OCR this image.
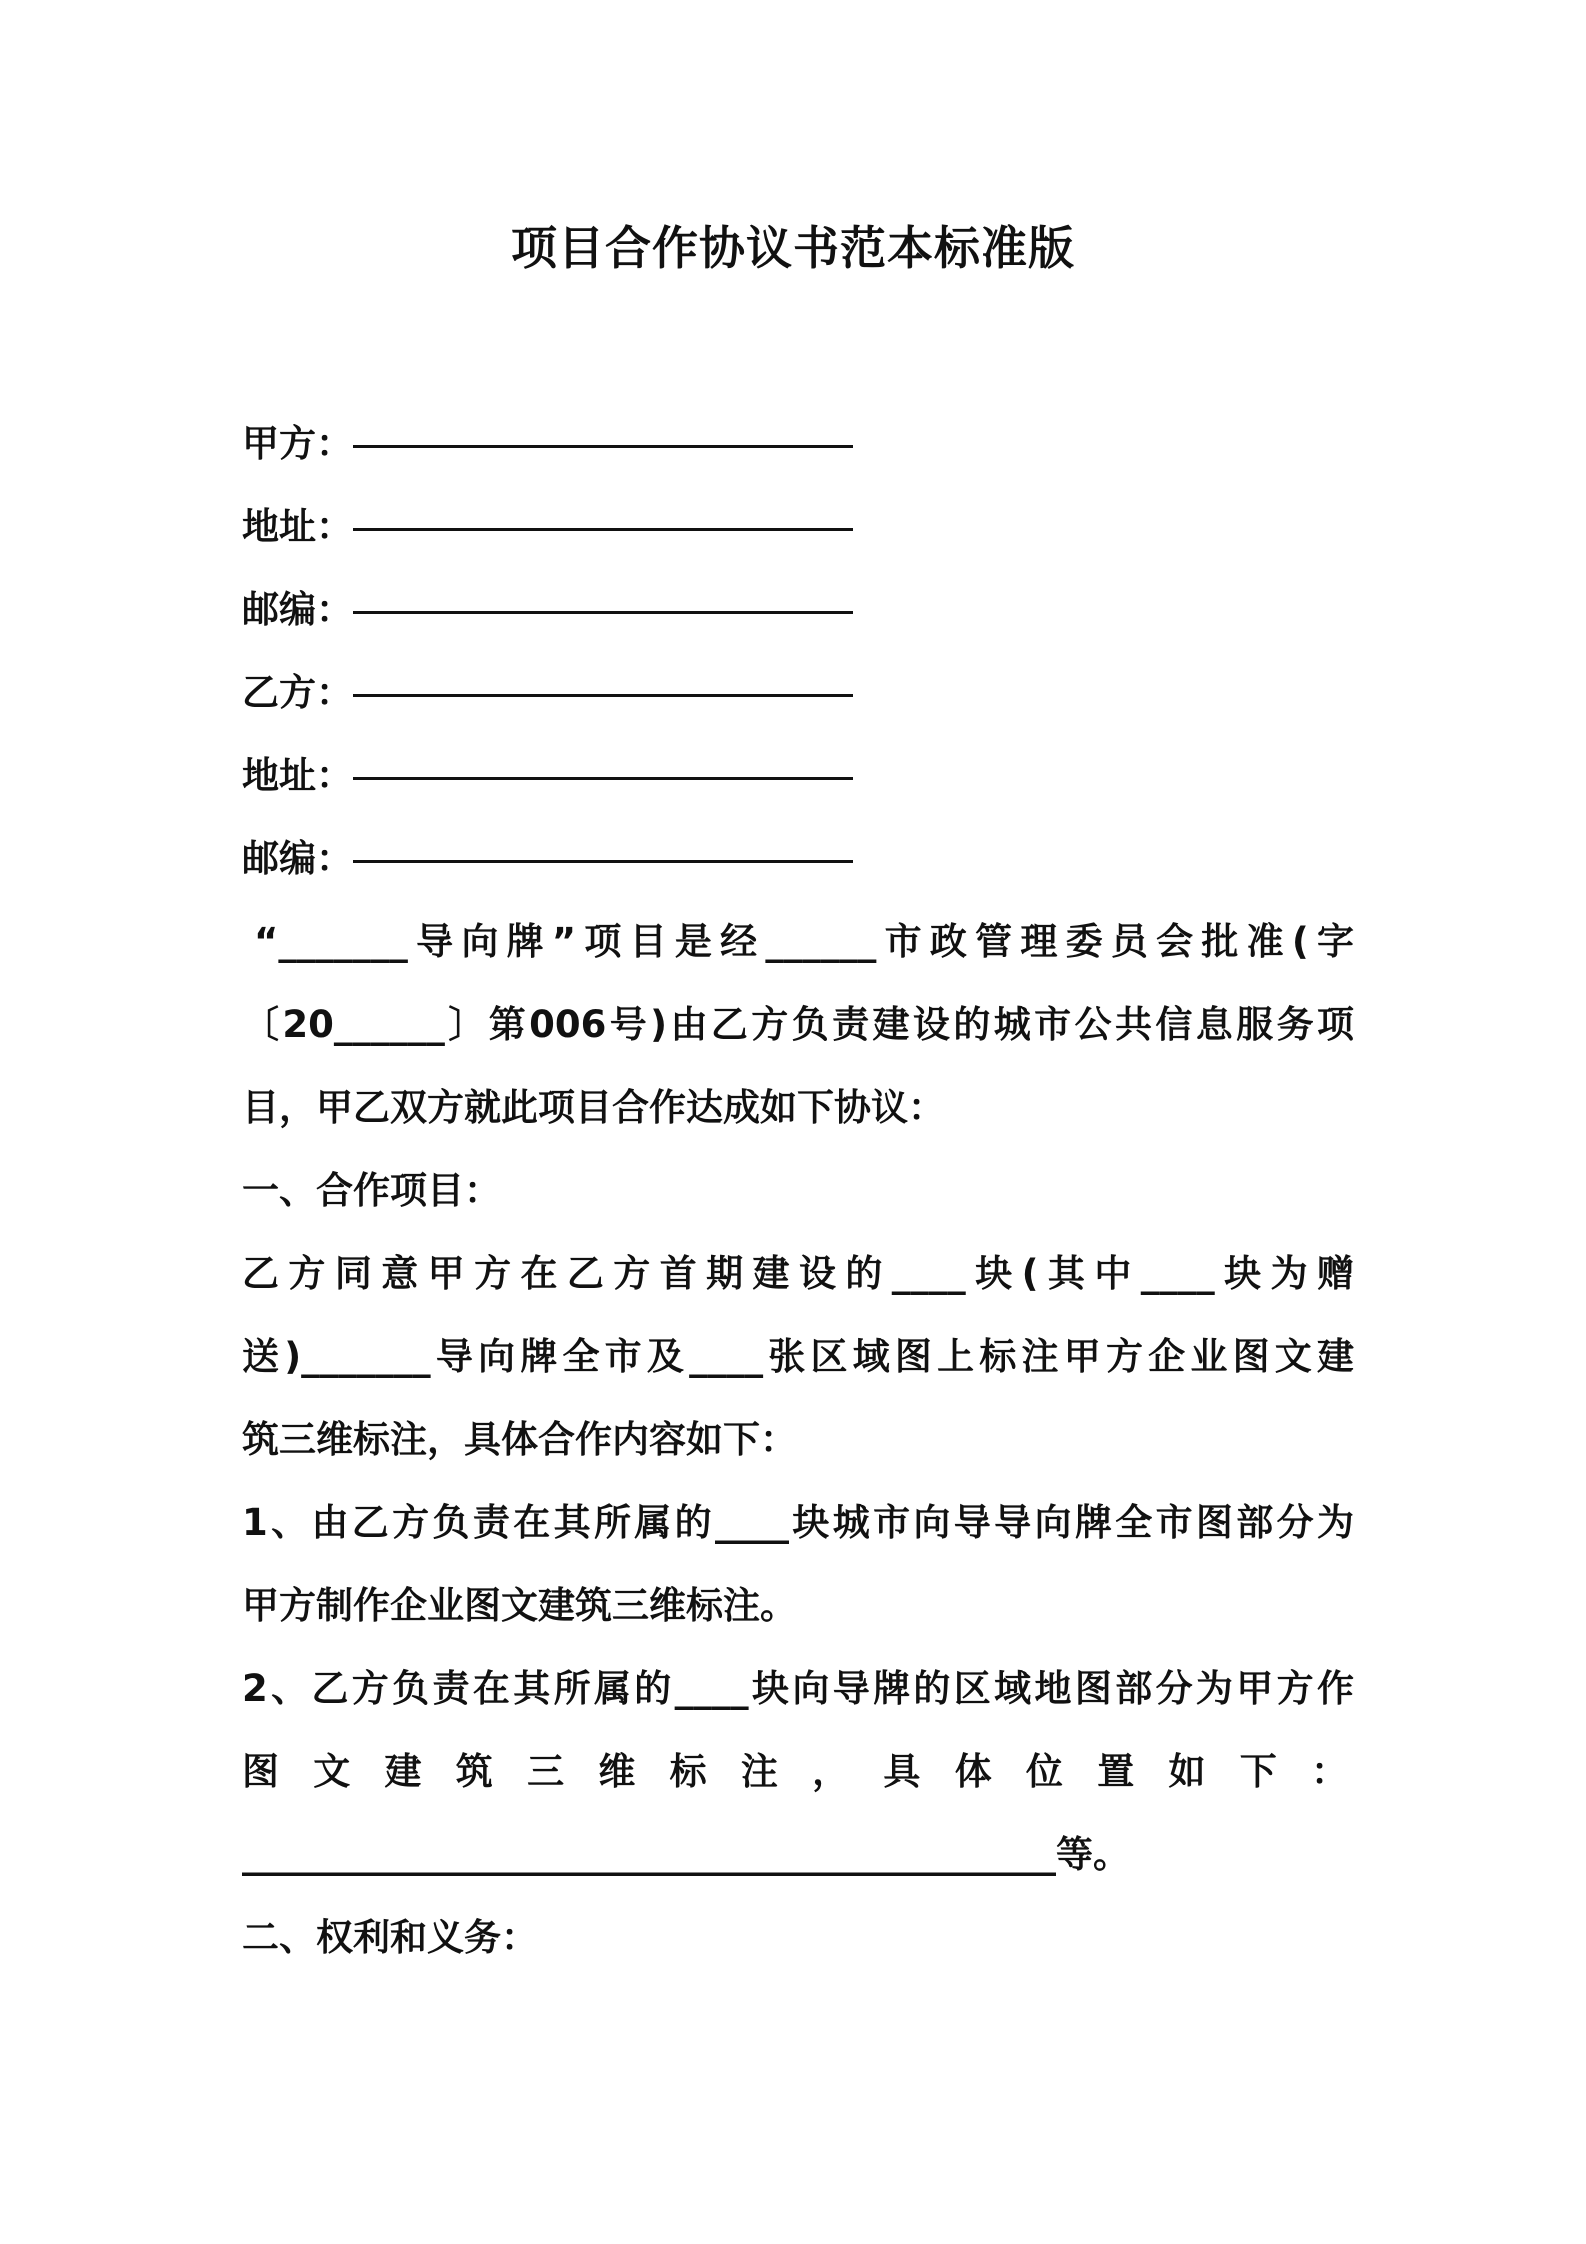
项目合作协议书范本标准版
甲方：
地址：
邮编：
乙方：
地址：
邮编：
“_______导向牌”项目是经______市政管理委员会批准(字
〔20______〕第006号)由乙方负责建设的城市公共信息服务项
目，甲乙双方就此项目合作达成如下协议：
一、合作项目：
乙方同意甲方在乙方首期建设的____块(其中____块为赠
送)_______导向牌全市及____张区域图上标注甲方企业图文建
筑三维标注，具体合作内容如下：
1、由乙方负责在其所属的____块城市向导导向牌全市图部分为
甲方制作企业图文建筑三维标注。
2、乙方负责在其所属的____块向导牌的区域地图部分为甲方作
图文建筑三维标注，具体位置如下：
____________________________________________等。
二、权利和义务：
